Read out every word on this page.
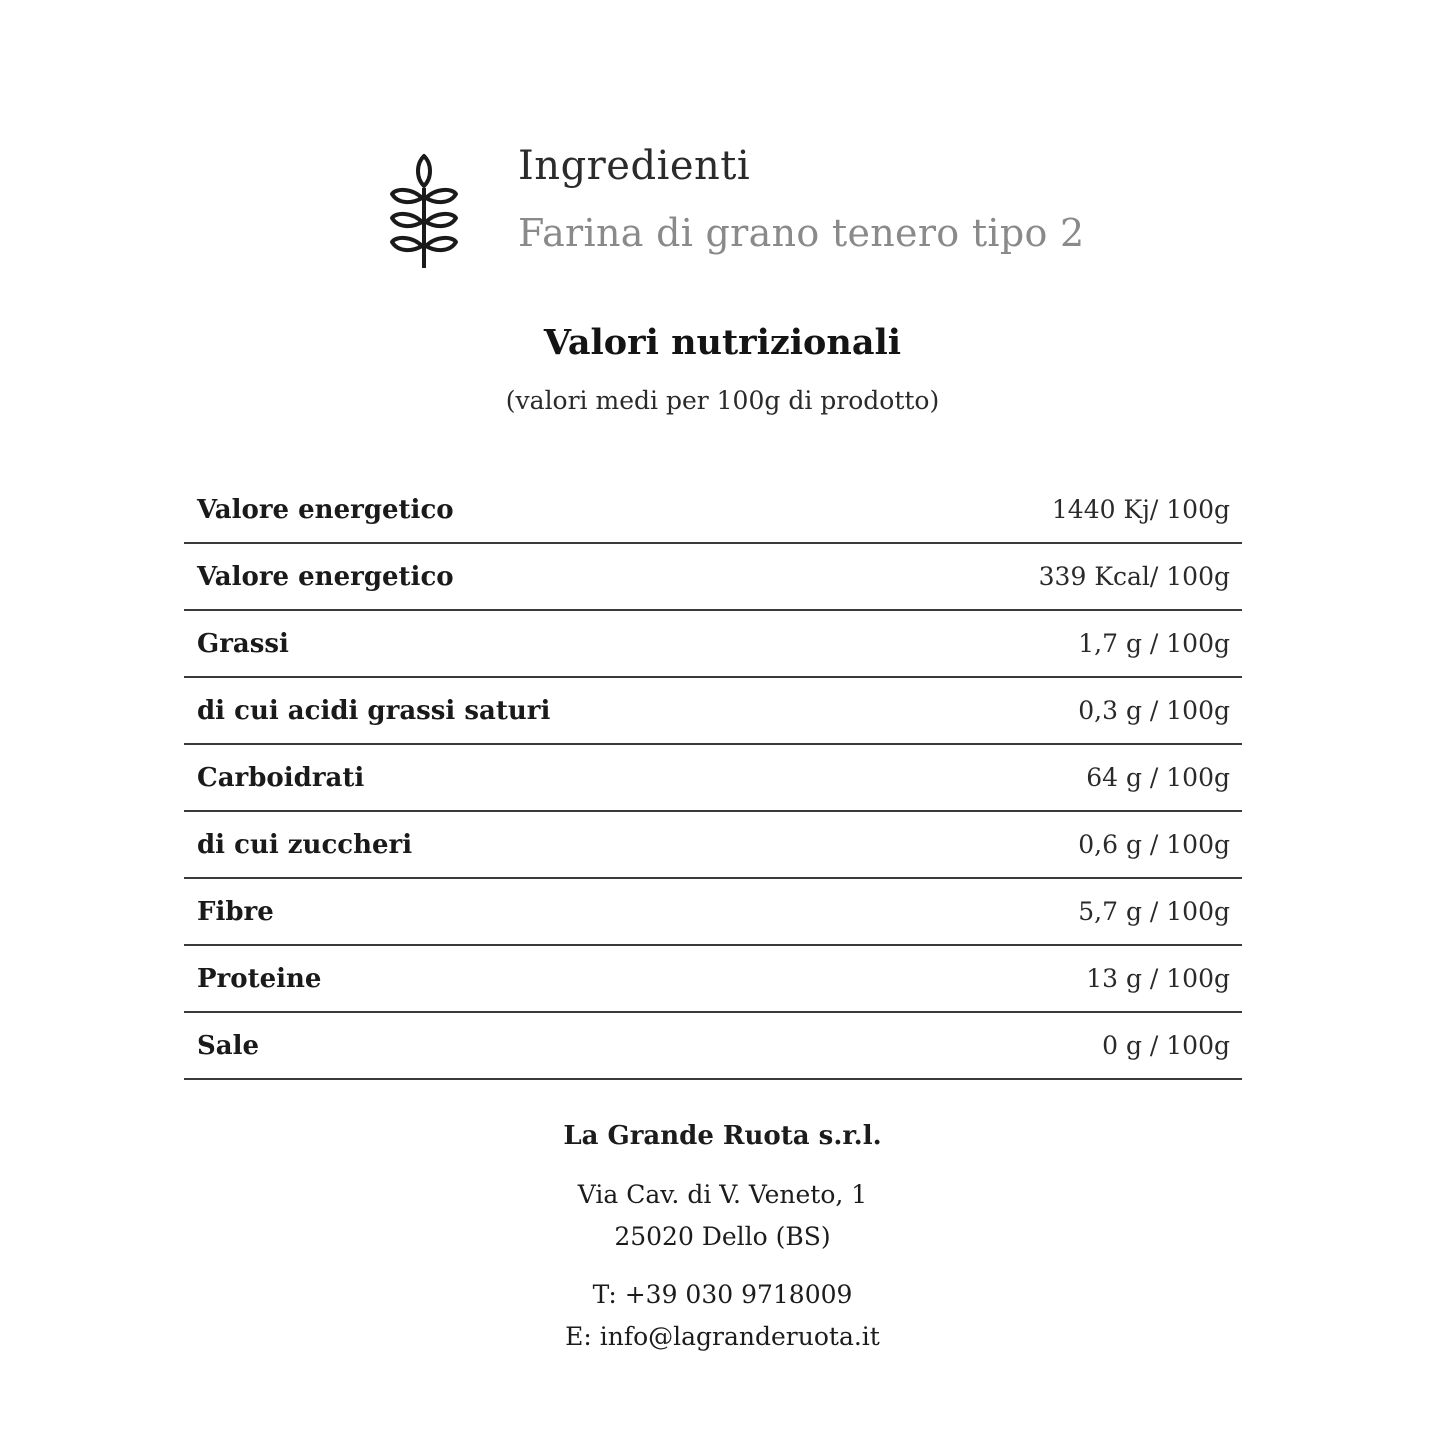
Ingredienti
Farina di grano tenero tipo 2
Valori nutrizionali
(valori medi per 100g di prodotto)
Valore energetico	1440 Kj/ 100g
Valore energetico	339 Kcal/ 100g
Grassi	1,7 g / 100g
di cui acidi grassi saturi	0,3 g / 100g
Carboidrati	64 g / 100g
di cui zuccheri	0,6 g / 100g
Fibre	5,7 g / 100g
Proteine	13 g / 100g
Sale	0 g / 100g
La Grande Ruota s.r.l.
Via Cav. di V. Veneto, 1
25020 Dello (BS)
T: +39 030 9718009
E: info@lagranderuota.it
